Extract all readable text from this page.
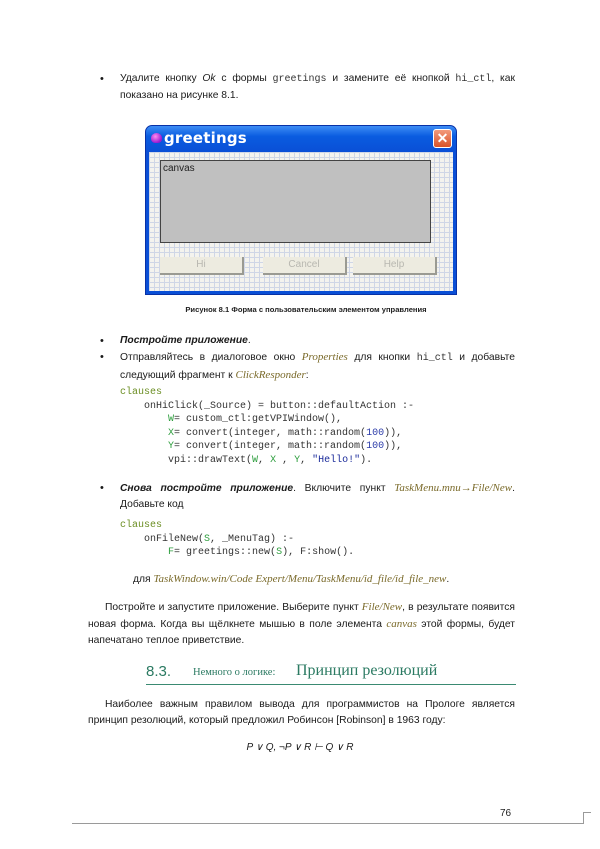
• Удалите кнопку Ok с формы greetings и замените её кнопкой hi_ctl, как показано на рисунке 8.1.
greetings	✕
canvas
Hi	Cancel	Help
Рисунок 8.1 Форма с пользовательским элементом управления
• Постройте приложение.
• Отправляйтесь в диалоговое окно Properties для кнопки hi_ctl и добавьте следующий фрагмент к ClickResponder:
clauses
onHiClick(_Source) = button::defaultAction :-
W= custom_ctl:getVPIWindow(),
X= convert(integer, math::random(100)),
Y= convert(integer, math::random(100)),
vpi::drawText(W, X , Y, "Hello!").
• Снова постройте приложение. Включите пункт TaskMenu.mnu→File/New. Добавьте код
clauses
onFileNew(S, _MenuTag) :-
F= greetings::new(S), F:show().
для TaskWindow.win/Code Expert/Menu/TaskMenu/id_file/id_file_new.
Постройте и запустите приложение. Выберите пункт File/New, в результате появится новая форма. Когда вы щёлкнете мышью в поле элемента canvas этой формы, будет напечатано теплое приветствие.
8.3. Немного о логике: Принцип резолюций
Наиболее важным правилом вывода для программистов на Прологе является принцип резолюций, который предложил Робинсон [Robinson] в 1963 году:
P ∨ Q, ¬P ∨ R ⊢ Q ∨ R
76
